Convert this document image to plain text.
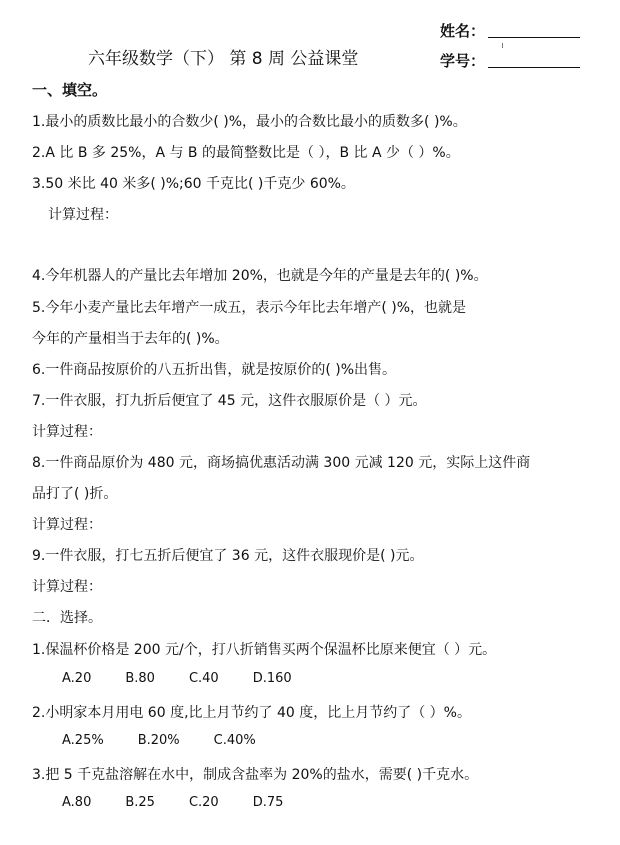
六年级数学（下） 第 8 周 公益课堂
姓名：
学号：
一、填空。
1.最小的质数比最小的合数少( )%，最小的合数比最小的质数多( )%。
2.A 比 B 多 25%，A 与 B 的最简整数比是（ ），B 比 A 少（ ）%。
3.50 米比 40 米多( )%;60 千克比( )千克少 60%。
计算过程：
4.今年机器人的产量比去年增加 20%，也就是今年的产量是去年的( )%。
5.今年小麦产量比去年增产一成五，表示今年比去年增产( )%，也就是
今年的产量相当于去年的( )%。
6.一件商品按原价的八五折出售，就是按原价的( )%出售。
7.一件衣服，打九折后便宜了 45 元，这件衣服原价是（ ）元。
计算过程：
8.一件商品原价为 480 元，商场搞优惠活动满 300 元减 120 元，实际上这件商
品打了( )折。
计算过程：
9.一件衣服，打七五折后便宜了 36 元，这件衣服现价是( )元。
计算过程：
二．选择。
1.保温杯价格是 200 元/个，打八折销售买两个保温杯比原来便宜（ ）元。
A.20	B.80	C.40	D.160
2.小明家本月用电 60 度,比上月节约了 40 度，比上月节约了（ ）%。
A.25%	B.20%	C.40%
3.把 5 千克盐溶解在水中，制成含盐率为 20%的盐水，需要( )千克水。
A.80	B.25	C.20	D.75
